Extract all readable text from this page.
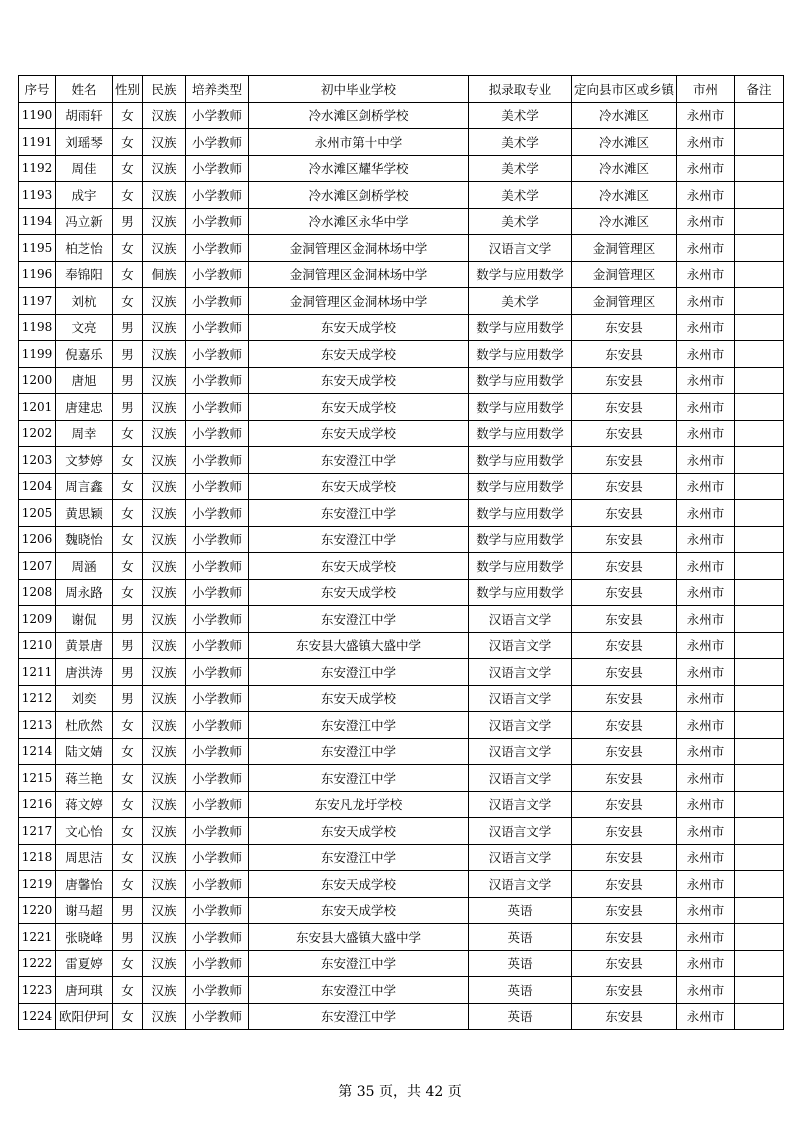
序号	姓名	性别	民族	培养类型	初中毕业学校	拟录取专业	定向县市区或乡镇	市州	备注
1190	胡雨轩	女	汉族	小学教师	冷水滩区剑桥学校	美术学	冷水滩区	永州市	
1191	刘瑶琴	女	汉族	小学教师	永州市第十中学	美术学	冷水滩区	永州市	
1192	周佳	女	汉族	小学教师	冷水滩区耀华学校	美术学	冷水滩区	永州市	
1193	成宇	女	汉族	小学教师	冷水滩区剑桥学校	美术学	冷水滩区	永州市	
1194	冯立新	男	汉族	小学教师	冷水滩区永华中学	美术学	冷水滩区	永州市	
1195	柏芝怡	女	汉族	小学教师	金洞管理区金洞林场中学	汉语言文学	金洞管理区	永州市	
1196	奉锦阳	女	侗族	小学教师	金洞管理区金洞林场中学	数学与应用数学	金洞管理区	永州市	
1197	刘杭	女	汉族	小学教师	金洞管理区金洞林场中学	美术学	金洞管理区	永州市	
1198	文亮	男	汉族	小学教师	东安天成学校	数学与应用数学	东安县	永州市	
1199	倪嘉乐	男	汉族	小学教师	东安天成学校	数学与应用数学	东安县	永州市	
1200	唐旭	男	汉族	小学教师	东安天成学校	数学与应用数学	东安县	永州市	
1201	唐建忠	男	汉族	小学教师	东安天成学校	数学与应用数学	东安县	永州市	
1202	周幸	女	汉族	小学教师	东安天成学校	数学与应用数学	东安县	永州市	
1203	文梦婷	女	汉族	小学教师	东安澄江中学	数学与应用数学	东安县	永州市	
1204	周言鑫	女	汉族	小学教师	东安天成学校	数学与应用数学	东安县	永州市	
1205	黄思颖	女	汉族	小学教师	东安澄江中学	数学与应用数学	东安县	永州市	
1206	魏晓怡	女	汉族	小学教师	东安澄江中学	数学与应用数学	东安县	永州市	
1207	周涵	女	汉族	小学教师	东安天成学校	数学与应用数学	东安县	永州市	
1208	周永路	女	汉族	小学教师	东安天成学校	数学与应用数学	东安县	永州市	
1209	谢侃	男	汉族	小学教师	东安澄江中学	汉语言文学	东安县	永州市	
1210	黄景唐	男	汉族	小学教师	东安县大盛镇大盛中学	汉语言文学	东安县	永州市	
1211	唐洪涛	男	汉族	小学教师	东安澄江中学	汉语言文学	东安县	永州市	
1212	刘奕	男	汉族	小学教师	东安天成学校	汉语言文学	东安县	永州市	
1213	杜欣然	女	汉族	小学教师	东安澄江中学	汉语言文学	东安县	永州市	
1214	陆文婧	女	汉族	小学教师	东安澄江中学	汉语言文学	东安县	永州市	
1215	蒋兰艳	女	汉族	小学教师	东安澄江中学	汉语言文学	东安县	永州市	
1216	蒋文婷	女	汉族	小学教师	东安凡龙圩学校	汉语言文学	东安县	永州市	
1217	文心怡	女	汉族	小学教师	东安天成学校	汉语言文学	东安县	永州市	
1218	周思洁	女	汉族	小学教师	东安澄江中学	汉语言文学	东安县	永州市	
1219	唐馨怡	女	汉族	小学教师	东安天成学校	汉语言文学	东安县	永州市	
1220	谢马超	男	汉族	小学教师	东安天成学校	英语	东安县	永州市	
1221	张晓峰	男	汉族	小学教师	东安县大盛镇大盛中学	英语	东安县	永州市	
1222	雷夏婷	女	汉族	小学教师	东安澄江中学	英语	东安县	永州市	
1223	唐珂琪	女	汉族	小学教师	东安澄江中学	英语	东安县	永州市	
1224	欧阳伊珂	女	汉族	小学教师	东安澄江中学	英语	东安县	永州市	
第 35 页，共 42 页
